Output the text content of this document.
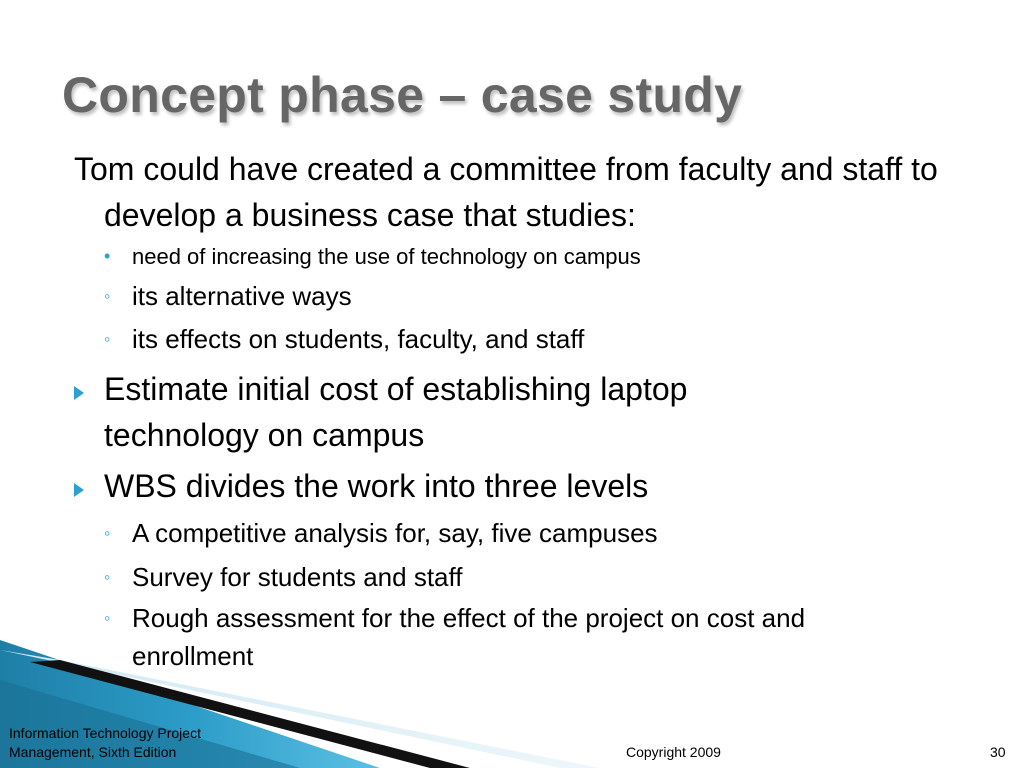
Concept phase – case study

Tom could have created a committee from faculty and staff to develop a business case that studies:

• need of increasing the use of technology on campus
◦ its alternative ways
◦ its effects on students, faculty, and staff
Estimate initial cost of establishing laptop technology on campus
WBS divides the work into three levels
◦ A competitive analysis for, say, five campuses
◦ Survey for students and staff
◦ Rough assessment for the effect of the project on cost and enrollment
Information Technology Project
Management, Sixth Edition	Copyright 2009	30
